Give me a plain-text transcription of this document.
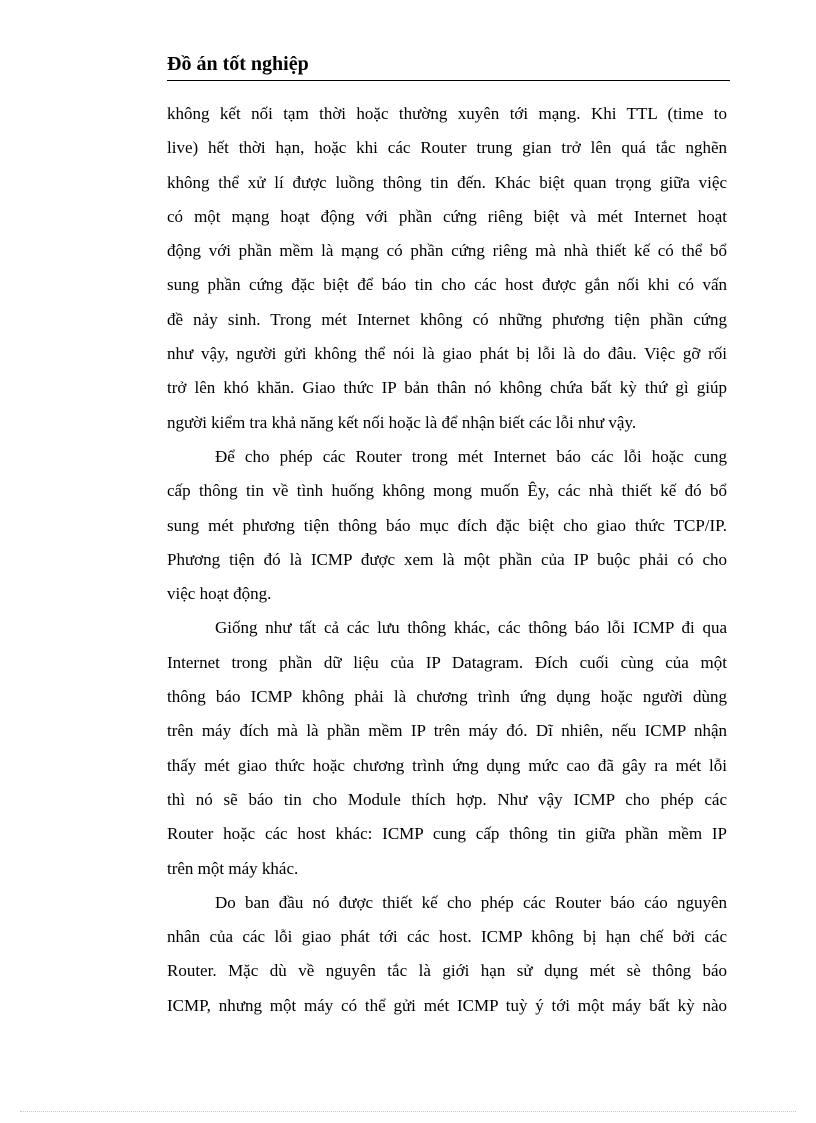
Đồ án tốt nghiệp
không kết nối tạm thời hoặc thường xuyên tới mạng. Khi TTL (time to
live) hết thời hạn, hoặc khi các Router trung gian trở lên quá tắc nghẽn
không thể xử lí được luồng thông tin đến. Khác biệt quan trọng giữa việc
có một mạng hoạt động với phần cứng riêng biệt và mét Internet hoạt
động với phần mềm là mạng có phần cứng riêng mà nhà thiết kế có thể bổ
sung phần cứng đặc biệt để báo tin cho các host được gắn nối khi có vấn
đề nảy sinh. Trong mét Internet không có những phương tiện phần cứng
như vậy, người gửi không thể nói là giao phát bị lỗi là do đâu. Việc gỡ rối
trở lên khó khăn. Giao thức IP bản thân nó không chứa bất kỳ thứ gì giúp
người kiểm tra khả năng kết nối hoặc là để nhận biết các lỗi như vậy.
Để cho phép các Router trong mét Internet báo các lỗi hoặc cung
cấp thông tin về tình huống không mong muốn Êy, các nhà thiết kế đó bổ
sung mét phương tiện thông báo mục đích đặc biệt cho giao thức TCP/IP.
Phương tiện đó là ICMP được xem là một phần của IP buộc phải có cho
việc hoạt động.
Giống như tất cả các lưu thông khác, các thông báo lỗi ICMP đi qua
Internet trong phần dữ liệu của IP Datagram. Đích cuối cùng của một
thông báo ICMP không phải là chương trình ứng dụng hoặc người dùng
trên máy đích mà là phần mềm IP trên máy đó. Dĩ nhiên, nếu ICMP nhận
thấy mét giao thức hoặc chương trình ứng dụng mức cao đã gây ra mét lỗi
thì nó sẽ báo tin cho Module thích hợp. Như vậy ICMP cho phép các
Router hoặc các host khác: ICMP cung cấp thông tin giữa phần mềm IP
trên một máy khác.
Do ban đầu nó được thiết kế cho phép các Router báo cáo nguyên
nhân của các lỗi giao phát tới các host. ICMP không bị hạn chế bởi các
Router. Mặc dù về nguyên tắc là giới hạn sử dụng mét sè thông báo
ICMP, nhưng một máy có thể gửi mét ICMP tuỳ ý tới một máy bất kỳ nào
